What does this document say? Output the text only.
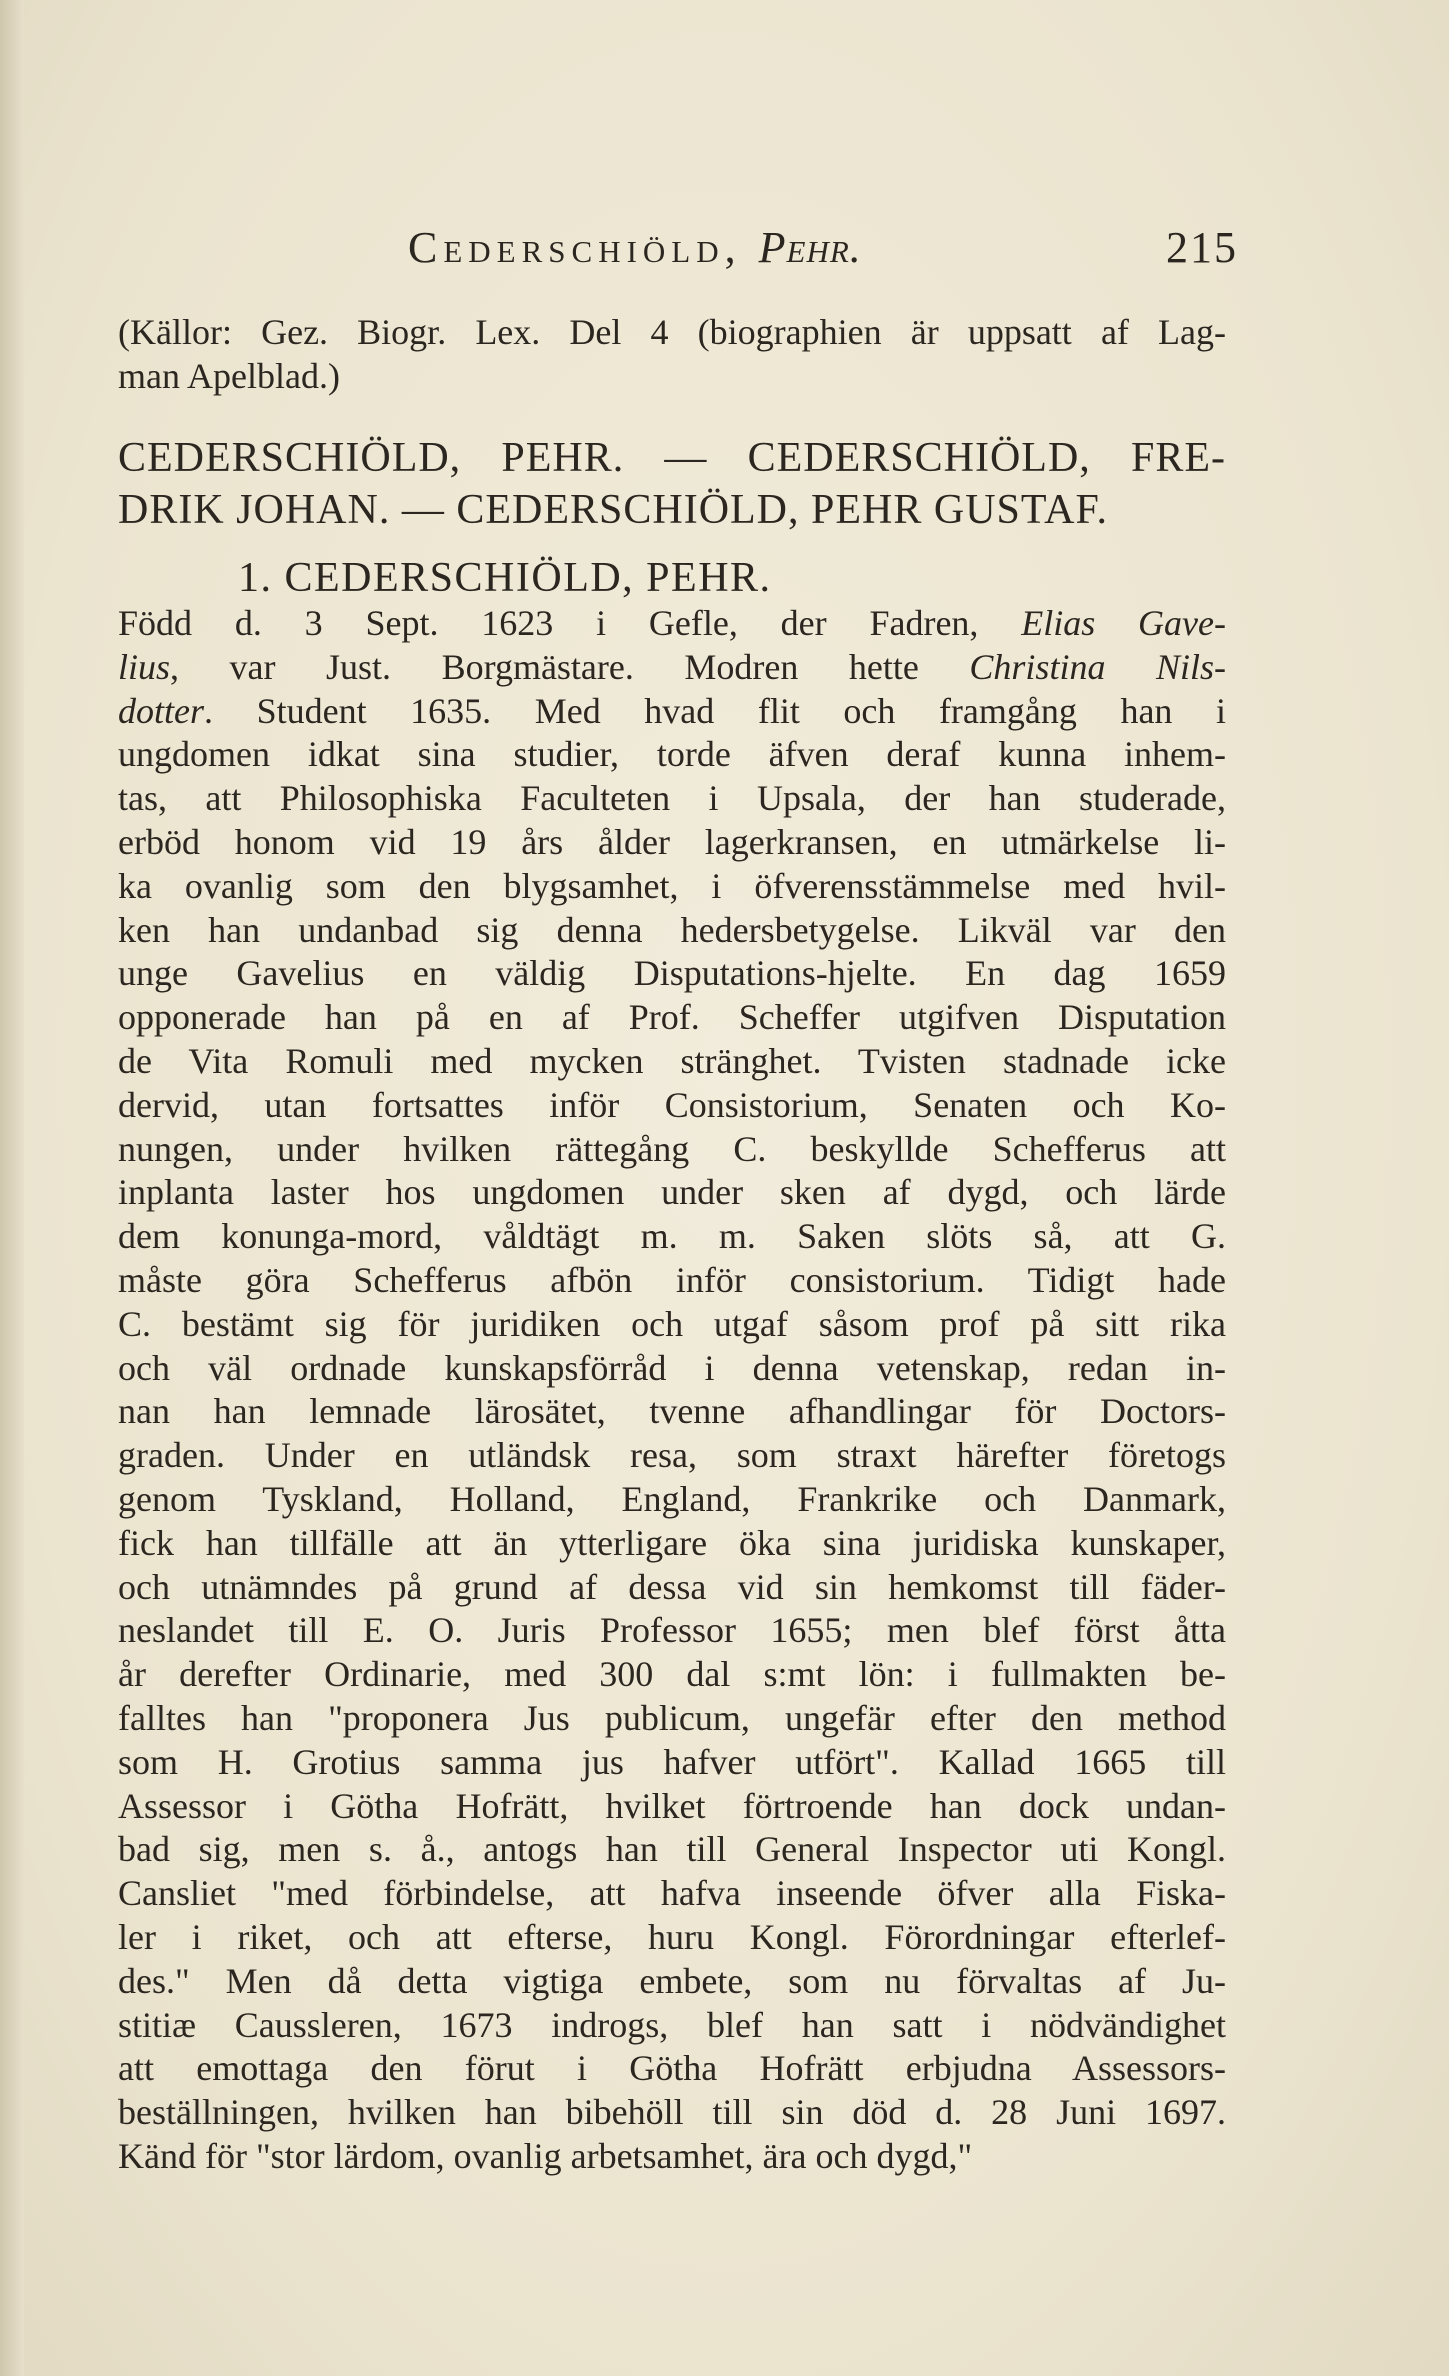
Cederschiöld, Pehr.	215
(Källor: Gez. Biogr. Lex. Del 4 (biographien är uppsatt af Lag-
man Apelblad.)
CEDERSCHIÖLD, PEHR. — CEDERSCHIÖLD, FRE-
DRIK JOHAN. — CEDERSCHIÖLD, PEHR GUSTAF.
1. CEDERSCHIÖLD, PEHR.
Född d. 3 Sept. 1623 i Gefle, der Fadren, Elias Gave-
lius, var Just. Borgmästare. Modren hette Christina Nils-
dotter. Student 1635. Med hvad flit och framgång han i
ungdomen idkat sina studier, torde äfven deraf kunna inhem-
tas, att Philosophiska Faculteten i Upsala, der han studerade,
erböd honom vid 19 års ålder lagerkransen, en utmärkelse li-
ka ovanlig som den blygsamhet, i öfverensstämmelse med hvil-
ken han undanbad sig denna hedersbetygelse. Likväl var den
unge Gavelius en väldig Disputations-hjelte. En dag 1659
opponerade han på en af Prof. Scheffer utgifven Disputation
de Vita Romuli med mycken stränghet. Tvisten stadnade icke
dervid, utan fortsattes inför Consistorium, Senaten och Ko-
nungen, under hvilken rättegång C. beskyllde Schefferus att
inplanta laster hos ungdomen under sken af dygd, och lärde
dem konunga-mord, våldtägt m. m. Saken slöts så, att G.
måste göra Schefferus afbön inför consistorium. Tidigt hade
C. bestämt sig för juridiken och utgaf såsom prof på sitt rika
och väl ordnade kunskapsförråd i denna vetenskap, redan in-
nan han lemnade lärosätet, tvenne afhandlingar för Doctors-
graden. Under en utländsk resa, som straxt härefter företogs
genom Tyskland, Holland, England, Frankrike och Danmark,
fick han tillfälle att än ytterligare öka sina juridiska kunskaper,
och utnämndes på grund af dessa vid sin hemkomst till fäder-
neslandet till E. O. Juris Professor 1655; men blef först åtta
år derefter Ordinarie, med 300 dal s:mt lön: i fullmakten be-
falltes han "proponera Jus publicum, ungefär efter den method
som H. Grotius samma jus hafver utfört". Kallad 1665 till
Assessor i Götha Hofrätt, hvilket förtroende han dock undan-
bad sig, men s. å., antogs han till General Inspector uti Kongl.
Cansliet "med förbindelse, att hafva inseende öfver alla Fiska-
ler i riket, och att efterse, huru Kongl. Förordningar efterlef-
des." Men då detta vigtiga embete, som nu förvaltas af Ju-
stitiæ Caussleren, 1673 indrogs, blef han satt i nödvändighet
att emottaga den förut i Götha Hofrätt erbjudna Assessors-
beställningen, hvilken han bibehöll till sin död d. 28 Juni 1697.
Känd för "stor lärdom, ovanlig arbetsamhet, ära och dygd,"
